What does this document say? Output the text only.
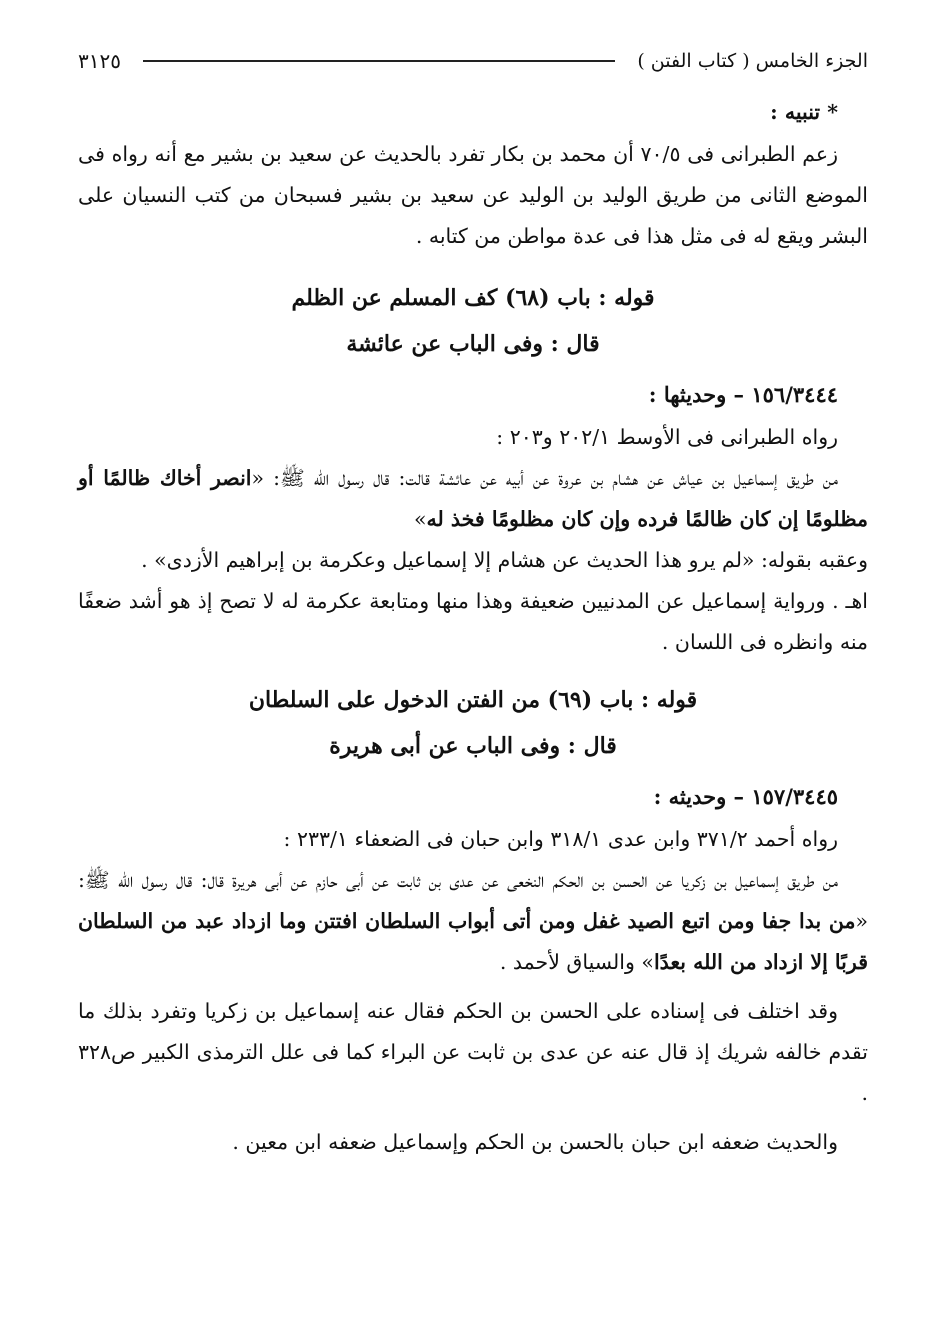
الجزء الخامس ( كتاب الفتن )
٣١٢٥
* تنبيه :

زعم الطبرانى فى ٧٠/٥ أن محمد بن بكار تفرد بالحديث عن سعيد بن بشير مع أنه رواه فى الموضع الثانى من طريق الوليد بن الوليد عن سعيد بن بشير فسبحان من كتب النسيان على البشر ويقع له فى مثل هذا فى عدة مواطن من كتابه .

قوله : باب (٦٨) كف المسلم عن الظلم
قال : وفى الباب عن عائشة
١٥٦/٣٤٤٤ – وحديثها :

رواه الطبرانى فى الأوسط ٢٠٢/١ و٢٠٣ :

من طريق إسماعيل بن عياش عن هشام بن عروة عن أبيه عن عائشة قالت: قال رسول الله ﷺ: «انصر أخاك ظالمًا أو مظلومًا إن كان ظالمًا فرده وإن كان مظلومًا فخذ له»

وعقبه بقوله: «لم يرو هذا الحديث عن هشام إلا إسماعيل وعكرمة بن إبراهيم الأزدى» .

اهـ . ورواية إسماعيل عن المدنيين ضعيفة وهذا منها ومتابعة عكرمة له لا تصح إذ هو أشد ضعفًا منه وانظره فى اللسان .

قوله : باب (٦٩) من الفتن الدخول على السلطان
قال : وفى الباب عن أبى هريرة
١٥٧/٣٤٤٥ – وحديثه :

رواه أحمد ٣٧١/٢ وابن عدى ٣١٨/١ وابن حبان فى الضعفاء ٢٣٣/١ :

من طريق إسماعيل بن زكريا عن الحسن بن الحكم النخعى عن عدى بن ثابت عن أبى حازم عن أبى هريرة قال: قال رسول الله ﷺ: «من بدا جفا ومن اتبع الصيد غفل ومن أتى أبواب السلطان افتتن وما ازداد عبد من السلطان قربًا إلا ازداد من الله بعدًا» والسياق لأحمد .

وقد اختلف فى إسناده على الحسن بن الحكم فقال عنه إسماعيل بن زكريا وتفرد بذلك ما تقدم خالفه شريك إذ قال عنه عن عدى بن ثابت عن البراء كما فى علل الترمذى الكبير ص٣٢٨ .

والحديث ضعفه ابن حبان بالحسن بن الحكم وإسماعيل ضعفه ابن معين .
